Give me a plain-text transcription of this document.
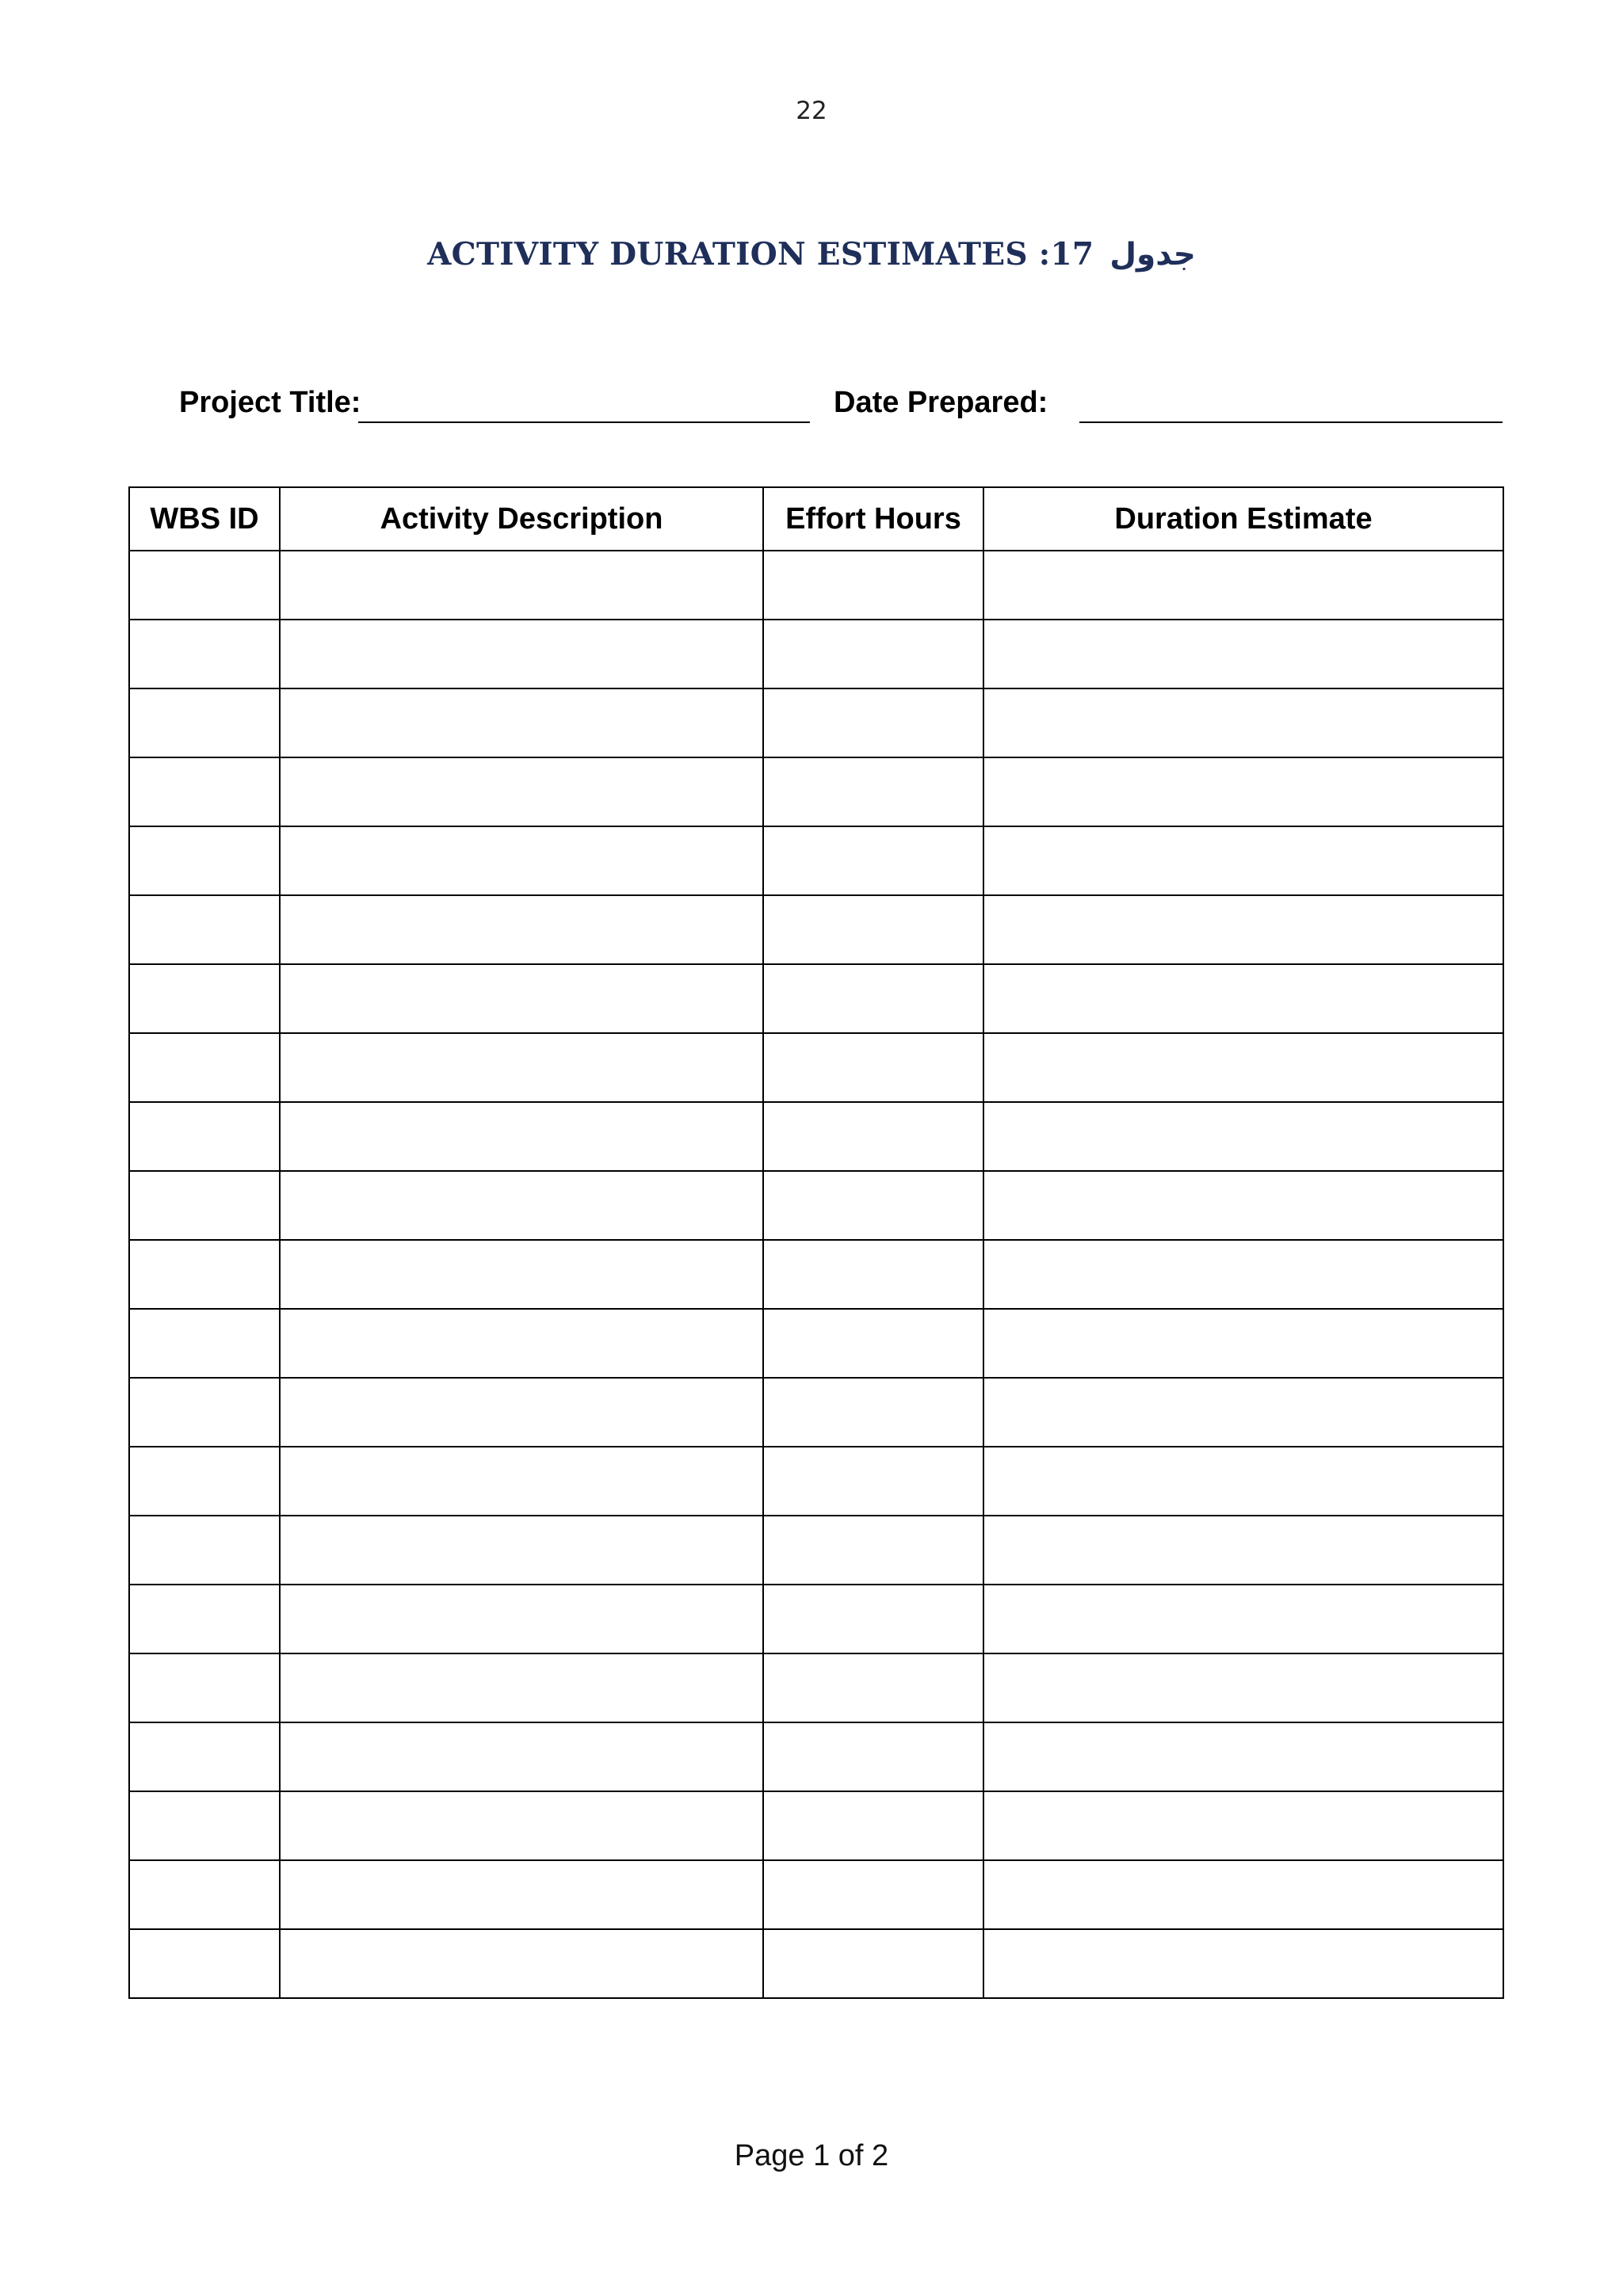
22
ACTIVITY DURATION ESTIMATES :17 جدول
Project Title:	Date Prepared:
WBS ID	Activity Description	Effort Hours	Duration Estimate

Page 1 of 2
